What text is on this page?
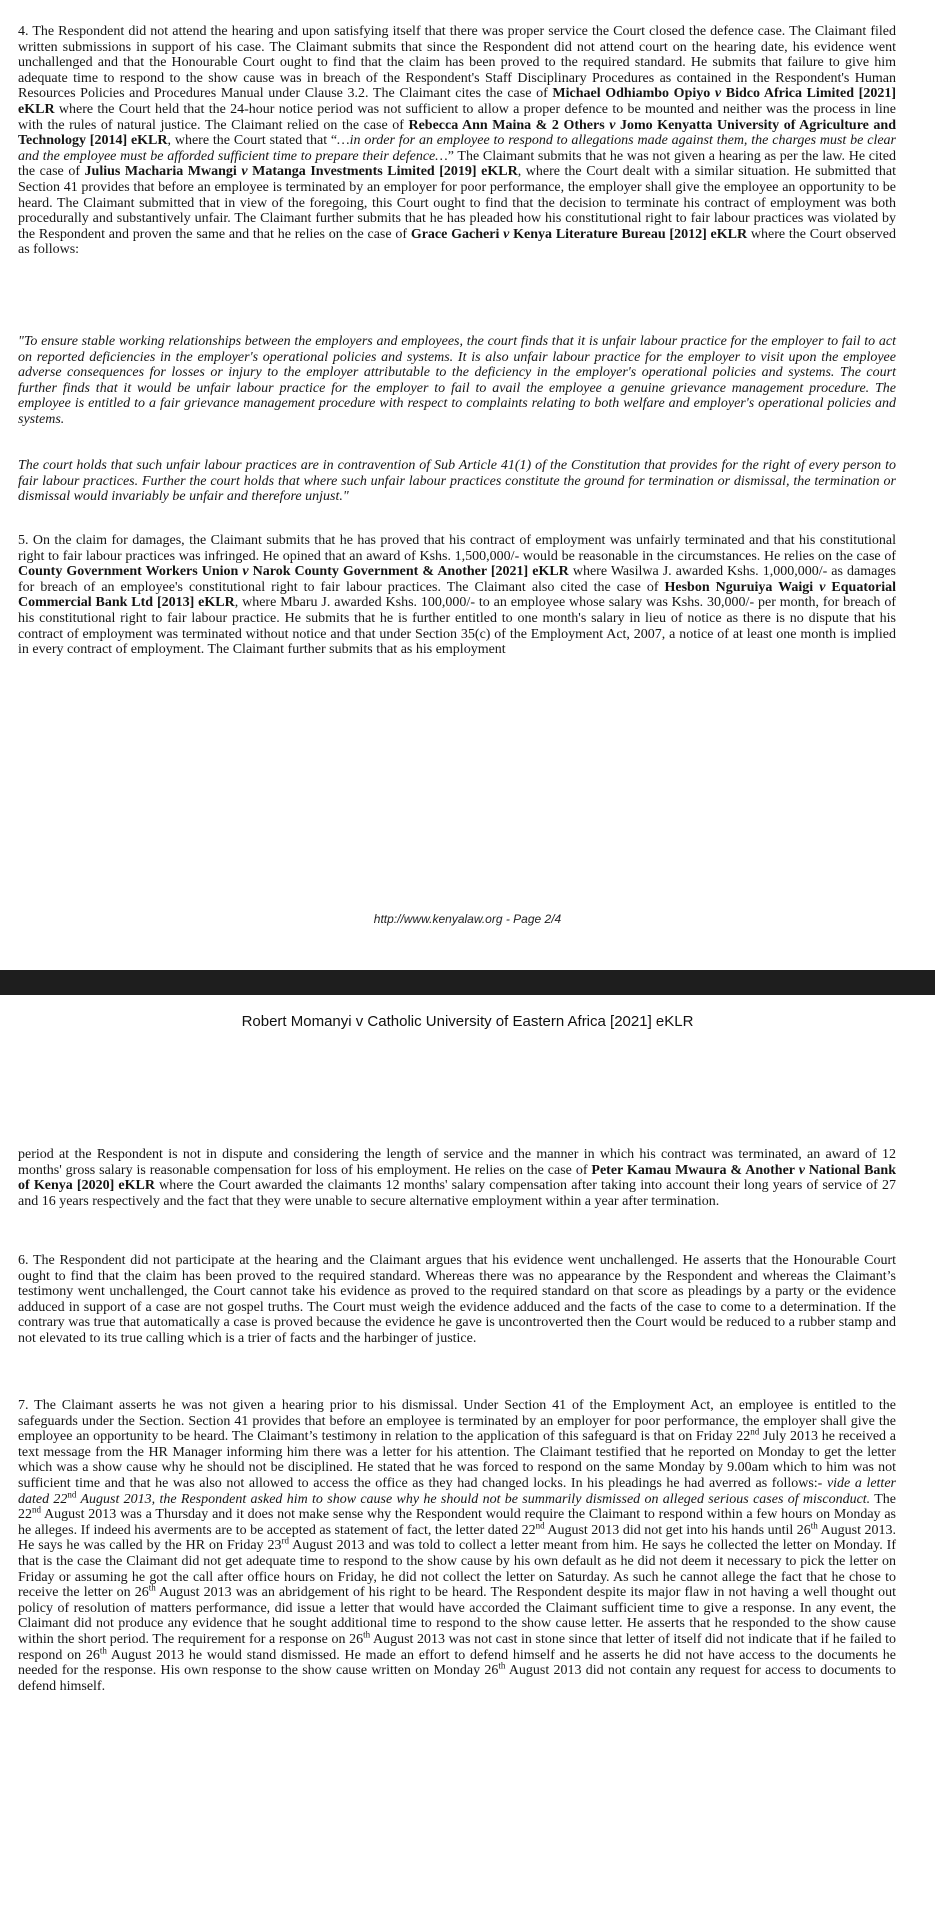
4. The Respondent did not attend the hearing and upon satisfying itself that there was proper service the Court closed the defence case. The Claimant filed written submissions in support of his case. The Claimant submits that since the Respondent did not attend court on the hearing date, his evidence went unchallenged and that the Honourable Court ought to find that the claim has been proved to the required standard. He submits that failure to give him adequate time to respond to the show cause was in breach of the Respondent's Staff Disciplinary Procedures as contained in the Respondent's Human Resources Policies and Procedures Manual under Clause 3.2. The Claimant cites the case of Michael Odhiambo Opiyo v Bidco Africa Limited [2021] eKLR where the Court held that the 24-hour notice period was not sufficient to allow a proper defence to be mounted and neither was the process in line with the rules of natural justice. The Claimant relied on the case of Rebecca Ann Maina & 2 Others v Jomo Kenyatta University of Agriculture and Technology [2014] eKLR, where the Court stated that “…in order for an employee to respond to allegations made against them, the charges must be clear and the employee must be afforded sufficient time to prepare their defence…” The Claimant submits that he was not given a hearing as per the law. He cited the case of Julius Macharia Mwangi v Matanga Investments Limited [2019] eKLR, where the Court dealt with a similar situation. He submitted that Section 41 provides that before an employee is terminated by an employer for poor performance, the employer shall give the employee an opportunity to be heard. The Claimant submitted that in view of the foregoing, this Court ought to find that the decision to terminate his contract of employment was both procedurally and substantively unfair. The Claimant further submits that he has pleaded how his constitutional right to fair labour practices was violated by the Respondent and proven the same and that he relies on the case of Grace Gacheri v Kenya Literature Bureau [2012] eKLR where the Court observed as follows:

"To ensure stable working relationships between the employers and employees, the court finds that it is unfair labour practice for the employer to fail to act on reported deficiencies in the employer's operational policies and systems. It is also unfair labour practice for the employer to visit upon the employee adverse consequences for losses or injury to the employer attributable to the deficiency in the employer's operational policies and systems. The court further finds that it would be unfair labour practice for the employer to fail to avail the employee a genuine grievance management procedure. The employee is entitled to a fair grievance management procedure with respect to complaints relating to both welfare and employer's operational policies and systems.

The court holds that such unfair labour practices are in contravention of Sub Article 41(1) of the Constitution that provides for the right of every person to fair labour practices. Further the court holds that where such unfair labour practices constitute the ground for termination or dismissal, the termination or dismissal would invariably be unfair and therefore unjust."

5. On the claim for damages, the Claimant submits that he has proved that his contract of employment was unfairly terminated and that his constitutional right to fair labour practices was infringed. He opined that an award of Kshs. 1,500,000/- would be reasonable in the circumstances. He relies on the case of County Government Workers Union v Narok County Government & Another [2021] eKLR where Wasilwa J. awarded Kshs. 1,000,000/- as damages for breach of an employee's constitutional right to fair labour practices. The Claimant also cited the case of Hesbon Nguruiya Waigi v Equatorial Commercial Bank Ltd [2013] eKLR, where Mbaru J. awarded Kshs. 100,000/- to an employee whose salary was Kshs. 30,000/- per month, for breach of his constitutional right to fair labour practice. He submits that he is further entitled to one month's salary in lieu of notice as there is no dispute that his contract of employment was terminated without notice and that under Section 35(c) of the Employment Act, 2007, a notice of at least one month is implied in every contract of employment. The Claimant further submits that as his employment
http://www.kenyalaw.org - Page 2/4
Robert Momanyi v Catholic University of Eastern Africa [2021] eKLR
period at the Respondent is not in dispute and considering the length of service and the manner in which his contract was terminated, an award of 12 months' gross salary is reasonable compensation for loss of his employment. He relies on the case of Peter Kamau Mwaura & Another v National Bank of Kenya [2020] eKLR where the Court awarded the claimants 12 months' salary compensation after taking into account their long years of service of 27 and 16 years respectively and the fact that they were unable to secure alternative employment within a year after termination.
6. The Respondent did not participate at the hearing and the Claimant argues that his evidence went unchallenged. He asserts that the Honourable Court ought to find that the claim has been proved to the required standard. Whereas there was no appearance by the Respondent and whereas the Claimant’s testimony went unchallenged, the Court cannot take his evidence as proved to the required standard on that score as pleadings by a party or the evidence adduced in support of a case are not gospel truths. The Court must weigh the evidence adduced and the facts of the case to come to a determination. If the contrary was true that automatically a case is proved because the evidence he gave is uncontroverted then the Court would be reduced to a rubber stamp and not elevated to its true calling which is a trier of facts and the harbinger of justice.
7. The Claimant asserts he was not given a hearing prior to his dismissal. Under Section 41 of the Employment Act, an employee is entitled to the safeguards under the Section. Section 41 provides that before an employee is terminated by an employer for poor performance, the employer shall give the employee an opportunity to be heard. The Claimant’s testimony in relation to the application of this safeguard is that on Friday 22nd July 2013 he received a text message from the HR Manager informing him there was a letter for his attention. The Claimant testified that he reported on Monday to get the letter which was a show cause why he should not be disciplined. He stated that he was forced to respond on the same Monday by 9.00am which to him was not sufficient time and that he was also not allowed to access the office as they had changed locks. In his pleadings he had averred as follows:- vide a letter dated 22nd August 2013, the Respondent asked him to show cause why he should not be summarily dismissed on alleged serious cases of misconduct. The 22nd August 2013 was a Thursday and it does not make sense why the Respondent would require the Claimant to respond within a few hours on Monday as he alleges. If indeed his averments are to be accepted as statement of fact, the letter dated 22nd August 2013 did not get into his hands until 26th August 2013. He says he was called by the HR on Friday 23rd August 2013 and was told to collect a letter meant from him. He says he collected the letter on Monday. If that is the case the Claimant did not get adequate time to respond to the show cause by his own default as he did not deem it necessary to pick the letter on Friday or assuming he got the call after office hours on Friday, he did not collect the letter on Saturday. As such he cannot allege the fact that he chose to receive the letter on 26th August 2013 was an abridgement of his right to be heard. The Respondent despite its major flaw in not having a well thought out policy of resolution of matters performance, did issue a letter that would have accorded the Claimant sufficient time to give a response. In any event, the Claimant did not produce any evidence that he sought additional time to respond to the show cause letter. He asserts that he responded to the show cause within the short period. The requirement for a response on 26th August 2013 was not cast in stone since that letter of itself did not indicate that if he failed to respond on 26th August 2013 he would stand dismissed. He made an effort to defend himself and he asserts he did not have access to the documents he needed for the response. His own response to the show cause written on Monday 26th August 2013 did not contain any request for access to documents to defend himself.
